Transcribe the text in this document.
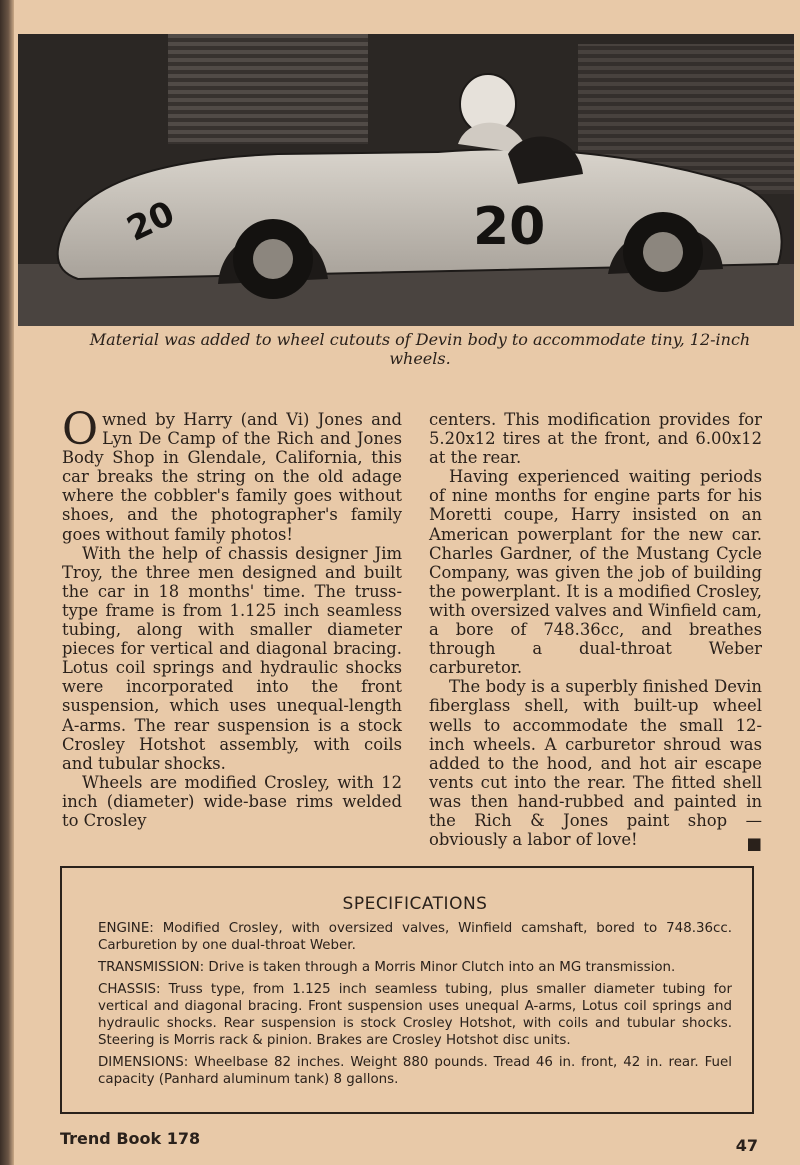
20
20
Material was added to wheel cutouts of Devin body to accommodate tiny, 12-inch wheels.

Owned by Harry (and Vi) Jones and Lyn De Camp of the Rich and Jones Body Shop in Glendale, California, this car breaks the string on the old adage where the cobbler's family goes without shoes, and the photographer's family goes without family photos!

With the help of chassis designer Jim Troy, the three men designed and built the car in 18 months' time. The truss-type frame is from 1.125 inch seamless tubing, along with smaller diameter pieces for vertical and diagonal bracing. Lotus coil springs and hydraulic shocks were incorporated into the front suspension, which uses unequal-length A-arms. The rear suspension is a stock Crosley Hotshot assembly, with coils and tubular shocks.

Wheels are modified Crosley, with 12 inch (diameter) wide-base rims welded to Crosley

centers. This modification provides for 5.20x12 tires at the front, and 6.00x12 at the rear.

Having experienced waiting periods of nine months for engine parts for his Moretti coupe, Harry insisted on an American powerplant for the new car. Charles Gardner, of the Mustang Cycle Company, was given the job of building the powerplant. It is a modified Crosley, with oversized valves and Winfield cam, a bore of 748.36cc, and breathes through a dual-throat Weber carburetor.

The body is a superbly finished Devin fiberglass shell, with built-up wheel wells to accommodate the small 12-inch wheels. A carburetor shroud was added to the hood, and hot air escape vents cut into the rear. The fitted shell was then hand-rubbed and painted in the Rich & Jones paint shop — obviously a labor of love!	■

SPECIFICATIONS

ENGINE: Modified Crosley, with oversized valves, Winfield camshaft, bored to 748.36cc. Carburetion by one dual-throat Weber.

TRANSMISSION: Drive is taken through a Morris Minor Clutch into an MG transmission.

CHASSIS: Truss type, from 1.125 inch seamless tubing, plus smaller diameter tubing for vertical and diagonal bracing. Front suspension uses unequal A-arms, Lotus coil springs and hydraulic shocks. Rear suspension is stock Crosley Hotshot, with coils and tubular shocks. Steering is Morris rack & pinion. Brakes are Crosley Hotshot disc units.

DIMENSIONS: Wheelbase 82 inches. Weight 880 pounds. Tread 46 in. front, 42 in. rear. Fuel capacity (Panhard aluminum tank) 8 gallons.

Trend Book 178	47
